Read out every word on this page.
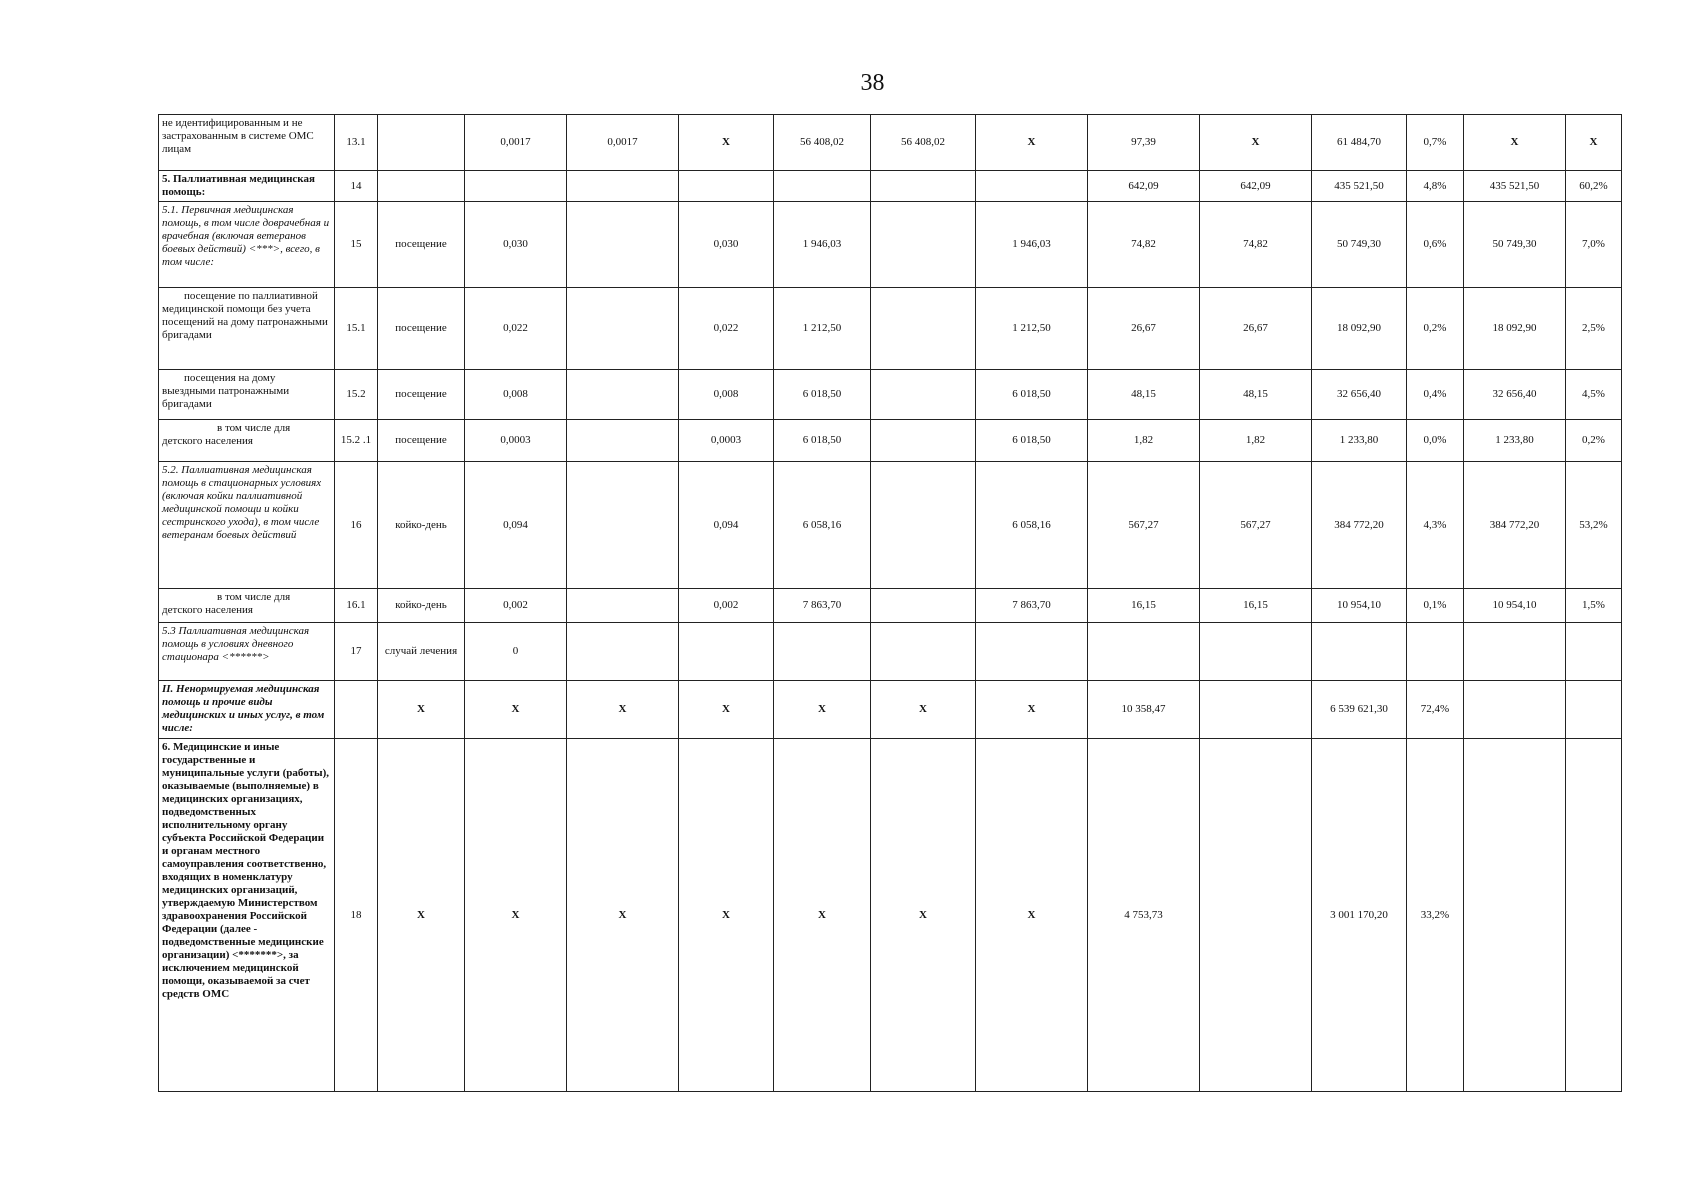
38
не идентифицированным и не застрахованным в системе ОМС лицам	13.1		0,0017	0,0017	X	56 408,02	56 408,02	X	97,39	X	61 484,70	0,7%	X	X
5. Паллиативная медицинская помощь:	14								642,09	642,09	435 521,50	4,8%	435 521,50	60,2%
5.1. Первичная медицинская помощь, в том числе доврачебная и врачебная (включая ветеранов боевых действий) <***>, всего, в том числе:	15	посещение	0,030		0,030	1 946,03		1 946,03	74,82	74,82	50 749,30	0,6%	50 749,30	7,0%
посещение по паллиативной медицинской помощи без учета посещений на дому патронажными бригадами	15.1	посещение	0,022		0,022	1 212,50		1 212,50	26,67	26,67	18 092,90	0,2%	18 092,90	2,5%
посещения на дому выездными патронажными бригадами	15.2	посещение	0,008		0,008	6 018,50		6 018,50	48,15	48,15	32 656,40	0,4%	32 656,40	4,5%
в том числе для детского населения	15.2 .1	посещение	0,0003		0,0003	6 018,50		6 018,50	1,82	1,82	1 233,80	0,0%	1 233,80	0,2%
5.2. Паллиативная медицинская помощь в стационарных условиях (включая койки паллиативной медицинской помощи и койки сестринского ухода), в том числе ветеранам боевых действий	16	койко-день	0,094		0,094	6 058,16		6 058,16	567,27	567,27	384 772,20	4,3%	384 772,20	53,2%
в том числе для детского населения	16.1	койко-день	0,002		0,002	7 863,70		7 863,70	16,15	16,15	10 954,10	0,1%	10 954,10	1,5%
5.3 Паллиативная медицинская помощь в условиях дневного стационара <******>	17	случай лечения	0											
II. Ненормируемая медицинская помощь и прочие виды медицинских и иных услуг, в том числе:		X	X	X	X	X	X	X	10 358,47		6 539 621,30	72,4%		
6. Медицинские и иные государственные и муниципальные услуги (работы), оказываемые (выполняемые) в медицинских организациях, подведомственных исполнительному органу субъекта Российской Федерации и органам местного самоуправления соответственно, входящих в номенклатуру медицинских организаций, утверждаемую Министерством здравоохранения Российской Федерации (далее - подведомственные медицинские организации) <*******>, за исключением медицинской помощи, оказываемой за счет средств ОМС	18	X	X	X	X	X	X	X	4 753,73		3 001 170,20	33,2%		
